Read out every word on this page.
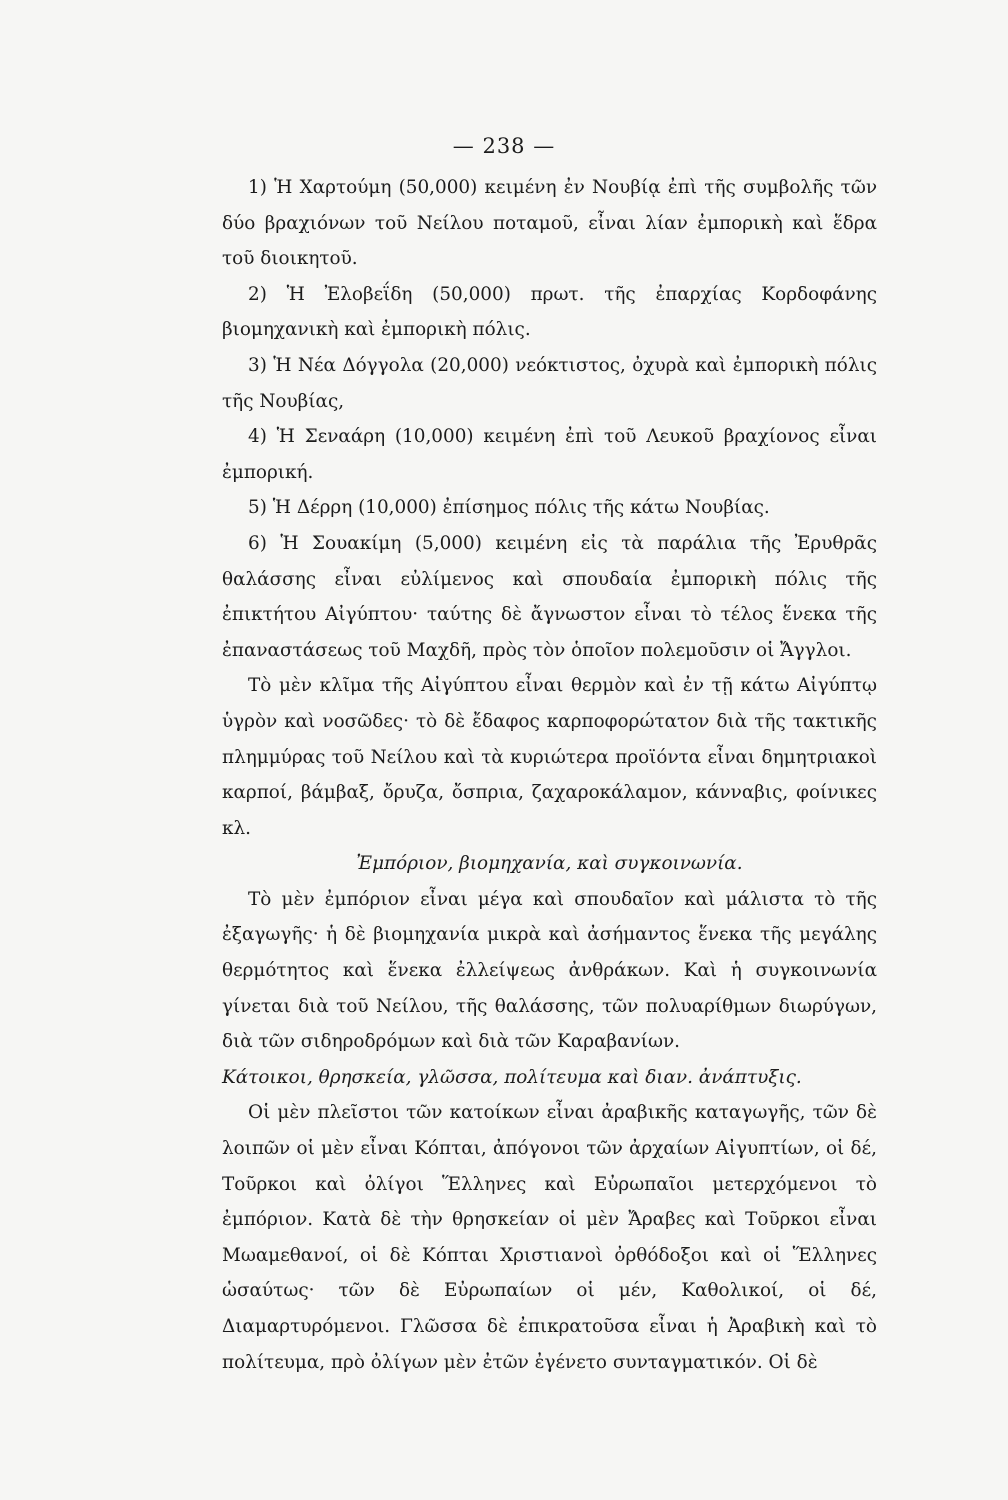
— 238 —

1) Ἡ Χαρτούμη (50,000) κειμένη ἐν Νουβίᾳ ἐπὶ τῆς συμβολῆς τῶν δύο βραχιόνων τοῦ Νείλου ποταμοῦ, εἶναι λίαν ἐμπορικὴ καὶ ἕδρα τοῦ διοικητοῦ.

2) Ἡ Ἐλοβεΐδη (50,000) πρωτ. τῆς ἐπαρχίας Κορδοφάνης βιομηχανικὴ καὶ ἐμπορικὴ πόλις.

3) Ἡ Νέα Δόγγολα (20,000) νεόκτιστος, ὀχυρὰ καὶ ἐμπορικὴ πόλις τῆς Νουβίας,

4) Ἡ Σεναάρη (10,000) κειμένη ἐπὶ τοῦ Λευκοῦ βραχίονος εἶναι ἐμπορική.

5) Ἡ Δέρρη (10,000) ἐπίσημος πόλις τῆς κάτω Νουβίας.

6) Ἡ Σουακίμη (5,000) κειμένη εἰς τὰ παράλια τῆς Ἐρυθρᾶς θαλάσσης εἶναι εὐλίμενος καὶ σπουδαία ἐμπορικὴ πόλις τῆς ἐπικτήτου Αἰγύπτου· ταύτης δὲ ἄγνωστον εἶναι τὸ τέλος ἕνεκα τῆς ἐπαναστάσεως τοῦ Μαχδῆ, πρὸς τὸν ὁποῖον πολεμοῦσιν οἱ Ἄγγλοι.

Τὸ μὲν κλῖμα τῆς Αἰγύπτου εἶναι θερμὸν καὶ ἐν τῇ κάτω Αἰγύπτῳ ὑγρὸν καὶ νοσῶδες· τὸ δὲ ἔδαφος καρποφορώτατον διὰ τῆς τακτικῆς πλημμύρας τοῦ Νείλου καὶ τὰ κυριώτερα προϊόντα εἶναι δημητριακοὶ καρποί, βάμβαξ, ὄρυζα, ὄσπρια, ζαχαροκάλαμον, κάνναβις, φοίνικες κλ.

Ἐμπόριον, βιομηχανία, καὶ συγκοινωνία.

Τὸ μὲν ἐμπόριον εἶναι μέγα καὶ σπουδαῖον καὶ μάλιστα τὸ τῆς ἐξαγωγῆς· ἡ δὲ βιομηχανία μικρὰ καὶ ἀσήμαντος ἕνεκα τῆς μεγάλης θερμότητος καὶ ἕνεκα ἐλλείψεως ἀνθράκων. Καὶ ἡ συγκοινωνία γίνεται διὰ τοῦ Νείλου, τῆς θαλάσσης, τῶν πολυαρίθμων διωρύγων, διὰ τῶν σιδηροδρόμων καὶ διὰ τῶν Καραβανίων.

Κάτοικοι, θρησκεία, γλῶσσα, πολίτευμα καὶ διαν. ἀνάπτυξις.

Οἱ μὲν πλεῖστοι τῶν κατοίκων εἶναι ἀραβικῆς καταγωγῆς, τῶν δὲ λοιπῶν οἱ μὲν εἶναι Κόπται, ἀπόγονοι τῶν ἀρχαίων Αἰγυπτίων, οἱ δέ, Τοῦρκοι καὶ ὀλίγοι Ἕλληνες καὶ Εὐρωπαῖοι μετερχόμενοι τὸ ἐμπόριον. Κατὰ δὲ τὴν θρησκείαν οἱ μὲν Ἄραβες καὶ Τοῦρκοι εἶναι Μωαμεθανοί, οἱ δὲ Κόπται Χριστιανοὶ ὀρθόδοξοι καὶ οἱ Ἕλληνες ὡσαύτως· τῶν δὲ Εὐρωπαίων οἱ μέν, Καθολικοί, οἱ δέ, Διαμαρτυρόμενοι. Γλῶσσα δὲ ἐπικρατοῦσα εἶναι ἡ Ἀραβικὴ καὶ τὸ πολίτευμα, πρὸ ὀλίγων μὲν ἐτῶν ἐγένετο συνταγματικόν. Οἱ δὲ
